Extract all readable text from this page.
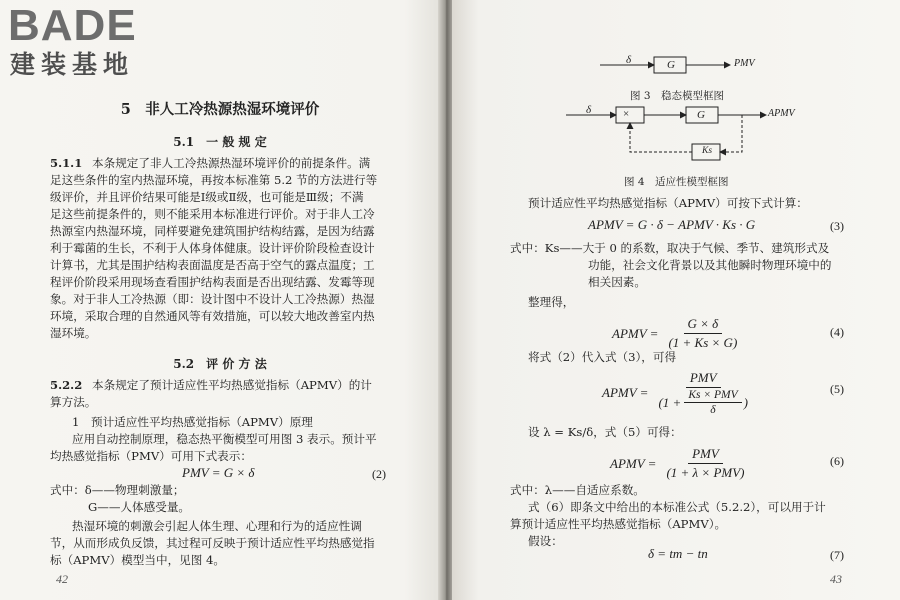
BADE
建装基地
5　非人工冷热源热湿环境评价
5.1　一 般 规 定
5.1.1 本条规定了非人工冷热源热湿环境评价的前提条件。满
足这些条件的室内热湿环境，再按本标准第 5.2 节的方法进行等
级评价，并且评价结果可能是Ⅰ级或Ⅱ级，也可能是Ⅲ级；不满
足这些前提条件的，则不能采用本标准进行评价。对于非人工冷
热源室内热湿环境，同样要避免建筑围护结构结露，是因为结露
利于霉菌的生长，不利于人体身体健康。设计评价阶段检查设计
计算书，尤其是围护结构表面温度是否高于空气的露点温度；工
程评价阶段采用现场查看围护结构表面是否出现结露、发霉等现
象。对于非人工冷热源（即：设计图中不设计人工冷热源）热湿
环境，采取合理的自然通风等有效措施，可以较大地改善室内热
湿环境。
5.2　评 价 方 法
5.2.2 本条规定了预计适应性平均热感觉指标（APMV）的计
算方法。
1　预计适应性平均热感觉指标（APMV）原理
应用自动控制原理，稳态热平衡模型可用图 3 表示。预计平
均热感觉指标（PMV）可用下式表示：
PMV = G × δ	(2)
式中：δ——物理刺激量；
G——人体感受量。
热湿环境的刺激会引起人体生理、心理和行为的适应性调
节，从而形成负反馈，其过程可反映于预计适应性平均热感觉指
标（APMV）模型当中，见图 4。
42
δ	G	PMV
图 3　稳态模型框图
δ	×	G
Ks
APMV
图 4　适应性模型框图
预计适应性平均热感觉指标（APMV）可按下式计算：
APMV = G · δ − APMV · Ks · G	(3)
式中：Ks——大于 0 的系数，取决于气候、季节、建筑形式及
功能，社会文化背景以及其他瞬时物理环境中的
相关因素。
整理得，
APMV = $\frac{G \times \delta}{(1 + Ks \times G)}$	(4)
将式（2）代入式（3），可得
APMV =
PMV
($1 + \frac{\text{Ks × PMV}}{\delta}$ )
(5)
设 λ = Ks/δ，式（5）可得：
APMV = $\frac{\text{PMV}}{\text{(1 + λ × PMV)}}$	(6)
式中：λ——自适应系数。
式（6）即条文中给出的本标准公式（5.2.2），可以用于计
算预计适应性平均热感觉指标（APMV）。
假设：
δ = tm − tn	(7)
43
